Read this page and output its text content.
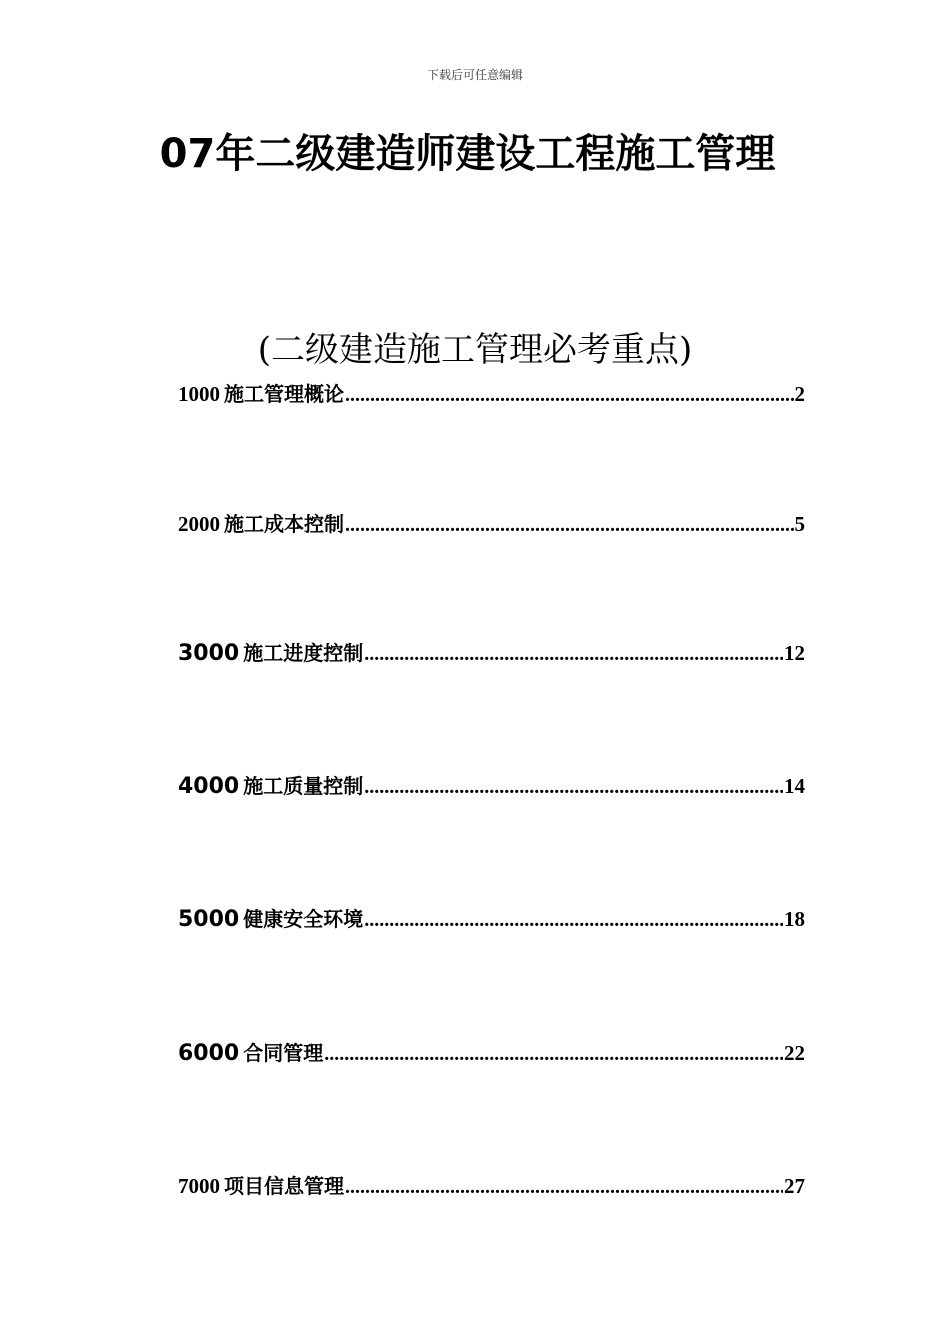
下载后可任意编辑
07年二级建造师建设工程施工管理
(二级建造施工管理必考重点)
1000 施工管理概论 .....	2
2000 施工成本控制 .....	5
3000 施工进度控制 .....	12
4000 施工质量控制 .....	14
5000 健康安全环境 .....	18
6000 合同管理 .....	22
7000 项目信息管理 .....	27
